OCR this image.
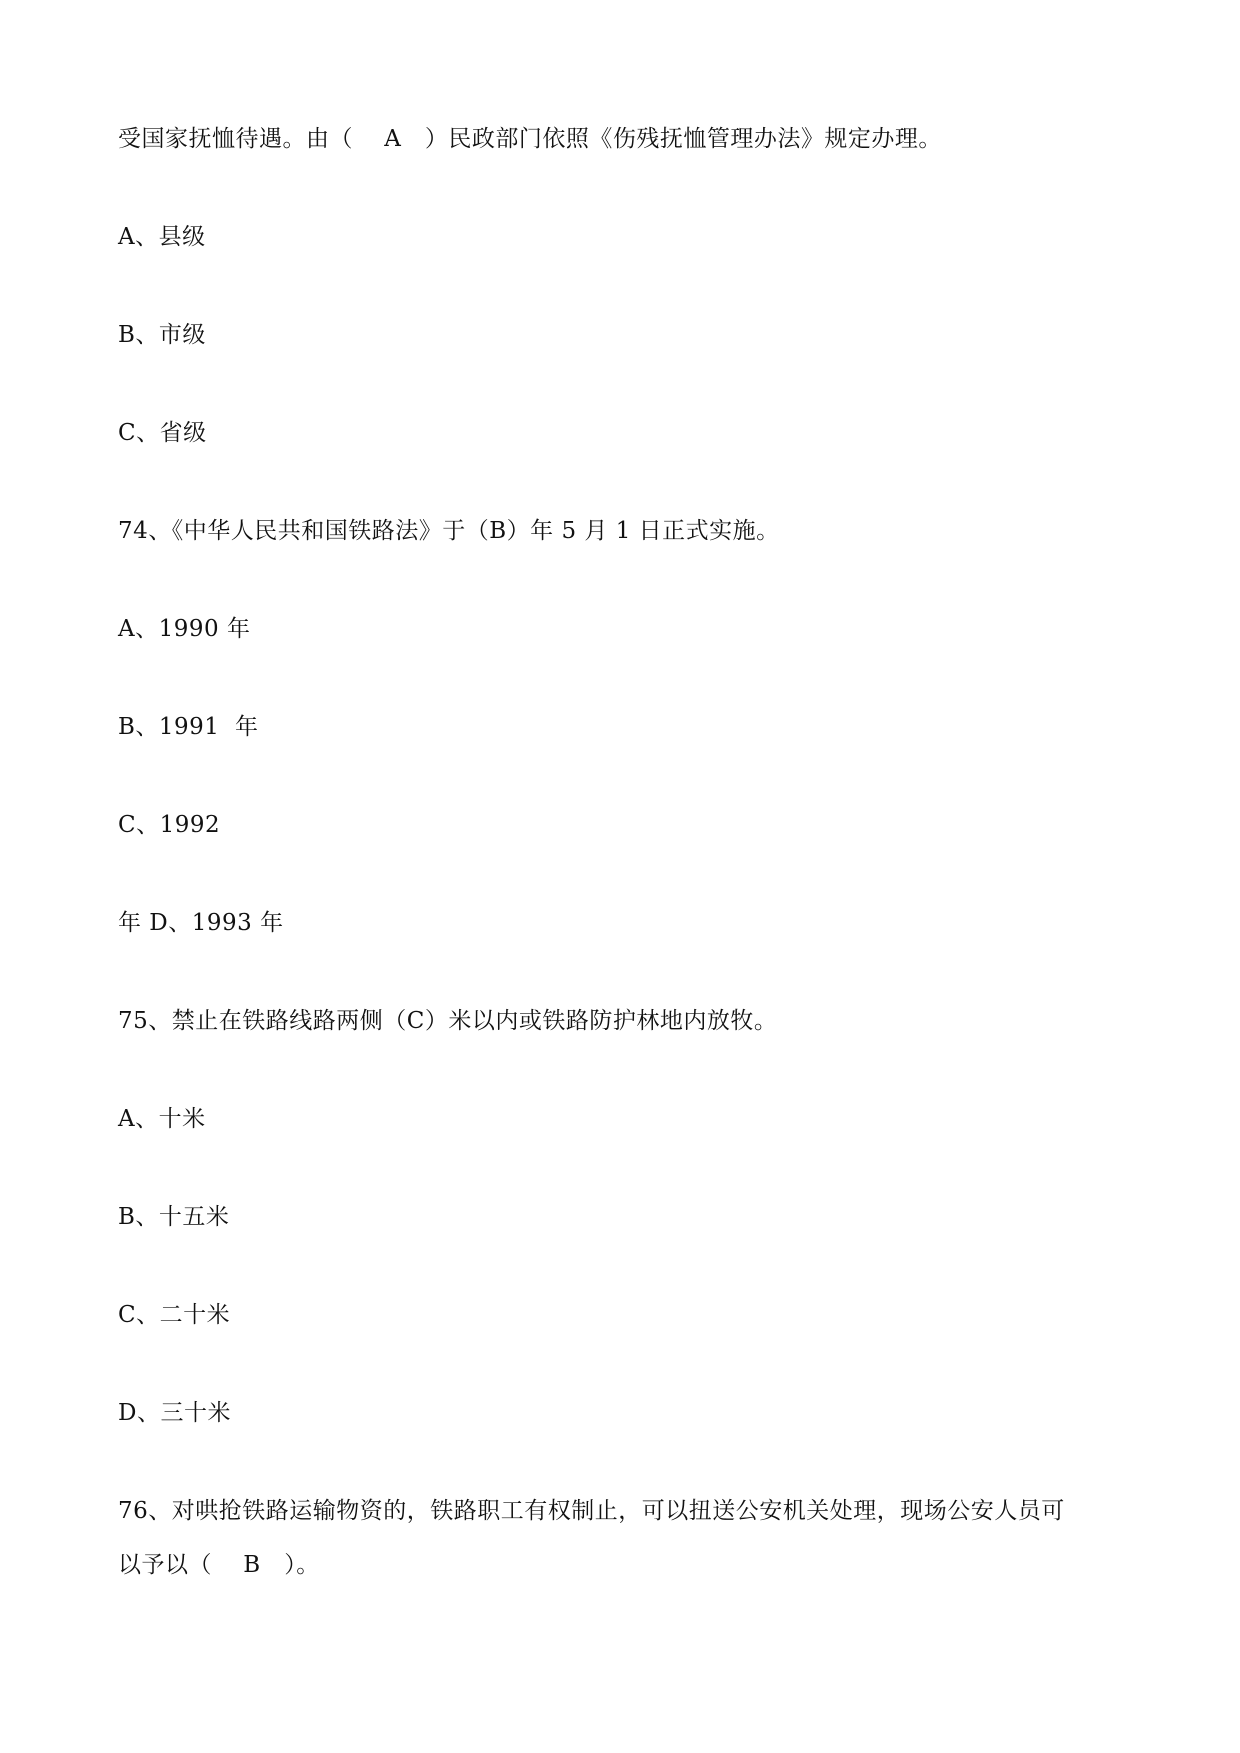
受国家抚恤待遇。由（　 A　）民政部门依照《伤残抚恤管理办法》规定办理。
A、县级
B、市级
C、省级
74、《中华人民共和国铁路法》于（B）年 5 月 1 日正式实施。
A、1990 年
B、1991  年
C、1992
年 D、1993 年
75、禁止在铁路线路两侧（C）米以内或铁路防护林地内放牧。
A、十米
B、十五米
C、二十米
D、三十米
76、对哄抢铁路运输物资的，铁路职工有权制止，可以扭送公安机关处理，现场公安人员可
以予以（　 B　）。
